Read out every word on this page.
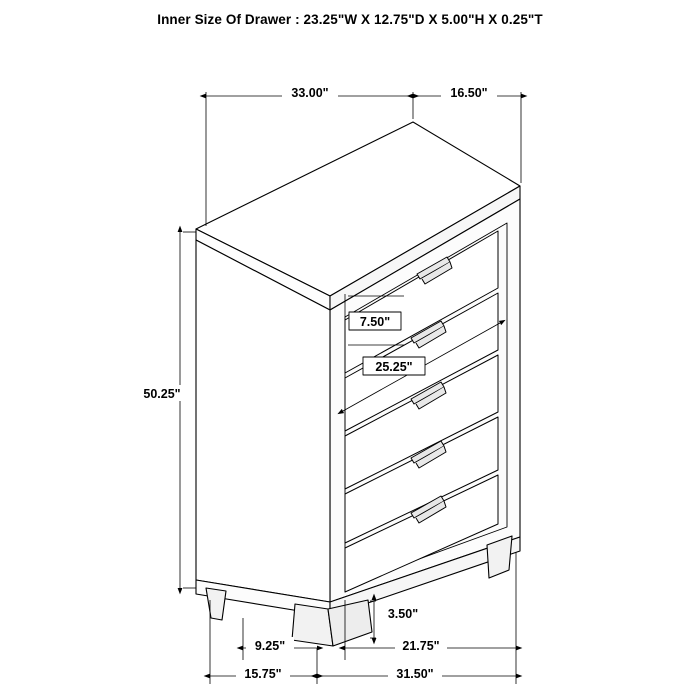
Inner Size Of Drawer : 23.25"W X 12.75"D X 5.00"H X 0.25"T
33.00"	16.50"
50.25"
7.50"
25.25"
3.50"
9.25"
15.75"
21.75"
31.50"
